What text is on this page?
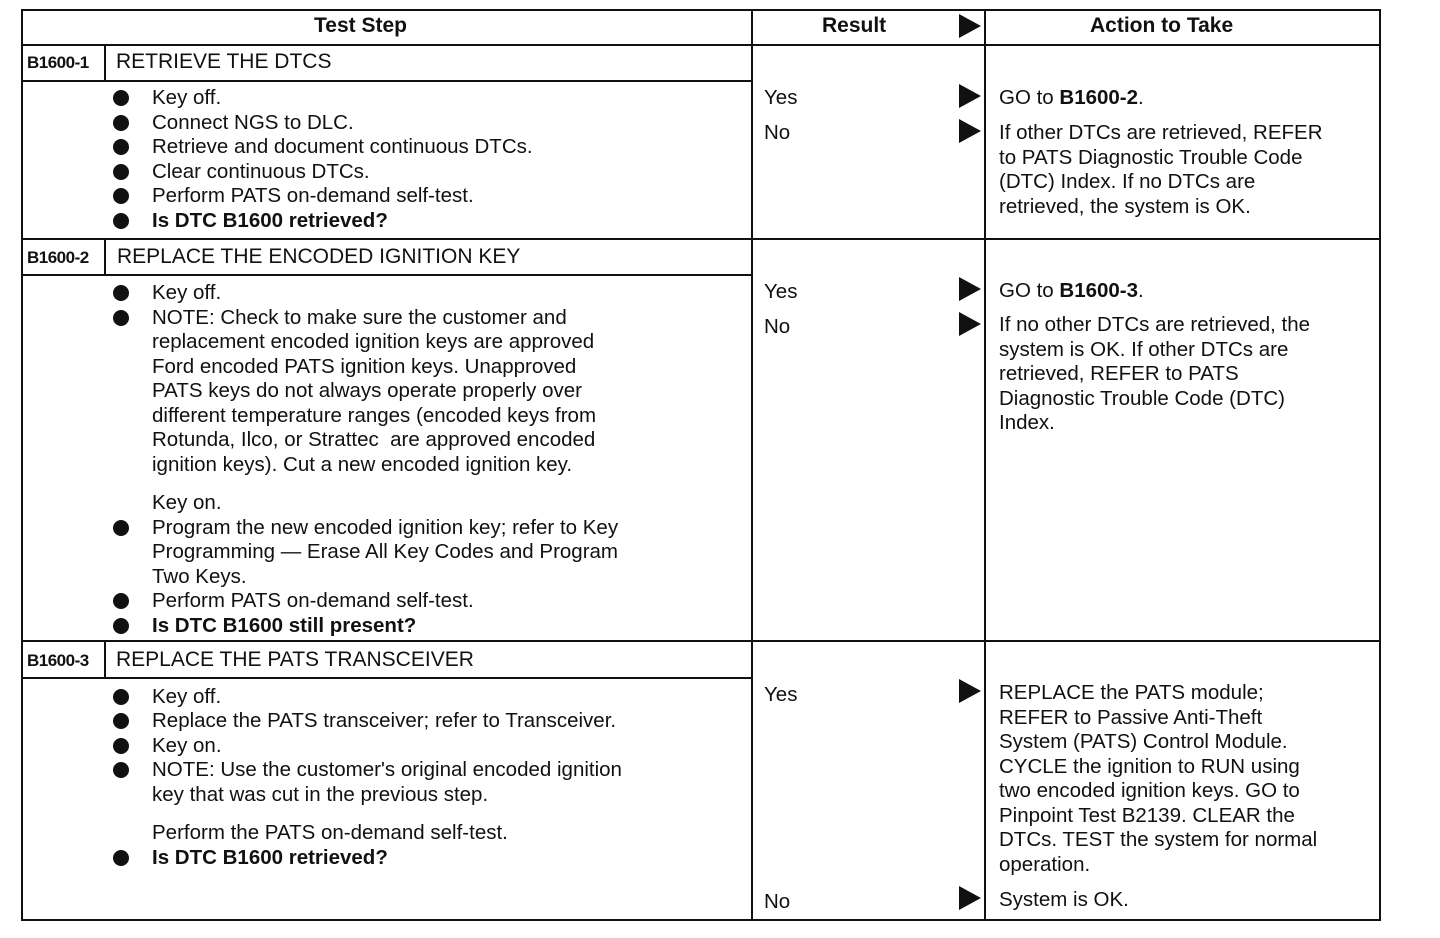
Test Step	Result	Action to Take
B1600-1 RETRIEVE THE DTCS
Key off.
Connect NGS to DLC.
Retrieve and document continuous DTCs.
Clear continuous DTCs.
Perform PATS on-demand self-test.
Is DTC B1600 retrieved?
Yes	GO to B1600-2.
No	If other DTCs are retrieved, REFER
to PATS Diagnostic Trouble Code
(DTC) Index. If no DTCs are
retrieved, the system is OK.
B1600-2 REPLACE THE ENCODED IGNITION KEY
Key off.
NOTE: Check to make sure the customer and
replacement encoded ignition keys are approved
Ford encoded PATS ignition keys. Unapproved
PATS keys do not always operate properly over
different temperature ranges (encoded keys from
Rotunda, Ilco, or Strattec  are approved encoded
ignition keys). Cut a new encoded ignition key.
Key on.
Program the new encoded ignition key; refer to Key
Programming — Erase All Key Codes and Program
Two Keys.
Perform PATS on-demand self-test.
Is DTC B1600 still present?
Yes	GO to B1600-3.
No	If no other DTCs are retrieved, the
system is OK. If other DTCs are
retrieved, REFER to PATS
Diagnostic Trouble Code (DTC)
Index.
B1600-3 REPLACE THE PATS TRANSCEIVER
Key off.
Replace the PATS transceiver; refer to Transceiver.
Key on.
NOTE: Use the customer's original encoded ignition
key that was cut in the previous step.
Perform the PATS on-demand self-test.
Is DTC B1600 retrieved?
Yes	REPLACE the PATS module;
REFER to Passive Anti-Theft
System (PATS) Control Module.
CYCLE the ignition to RUN using
two encoded ignition keys. GO to
Pinpoint Test B2139. CLEAR the
DTCs. TEST the system for normal
operation.
No	System is OK.
